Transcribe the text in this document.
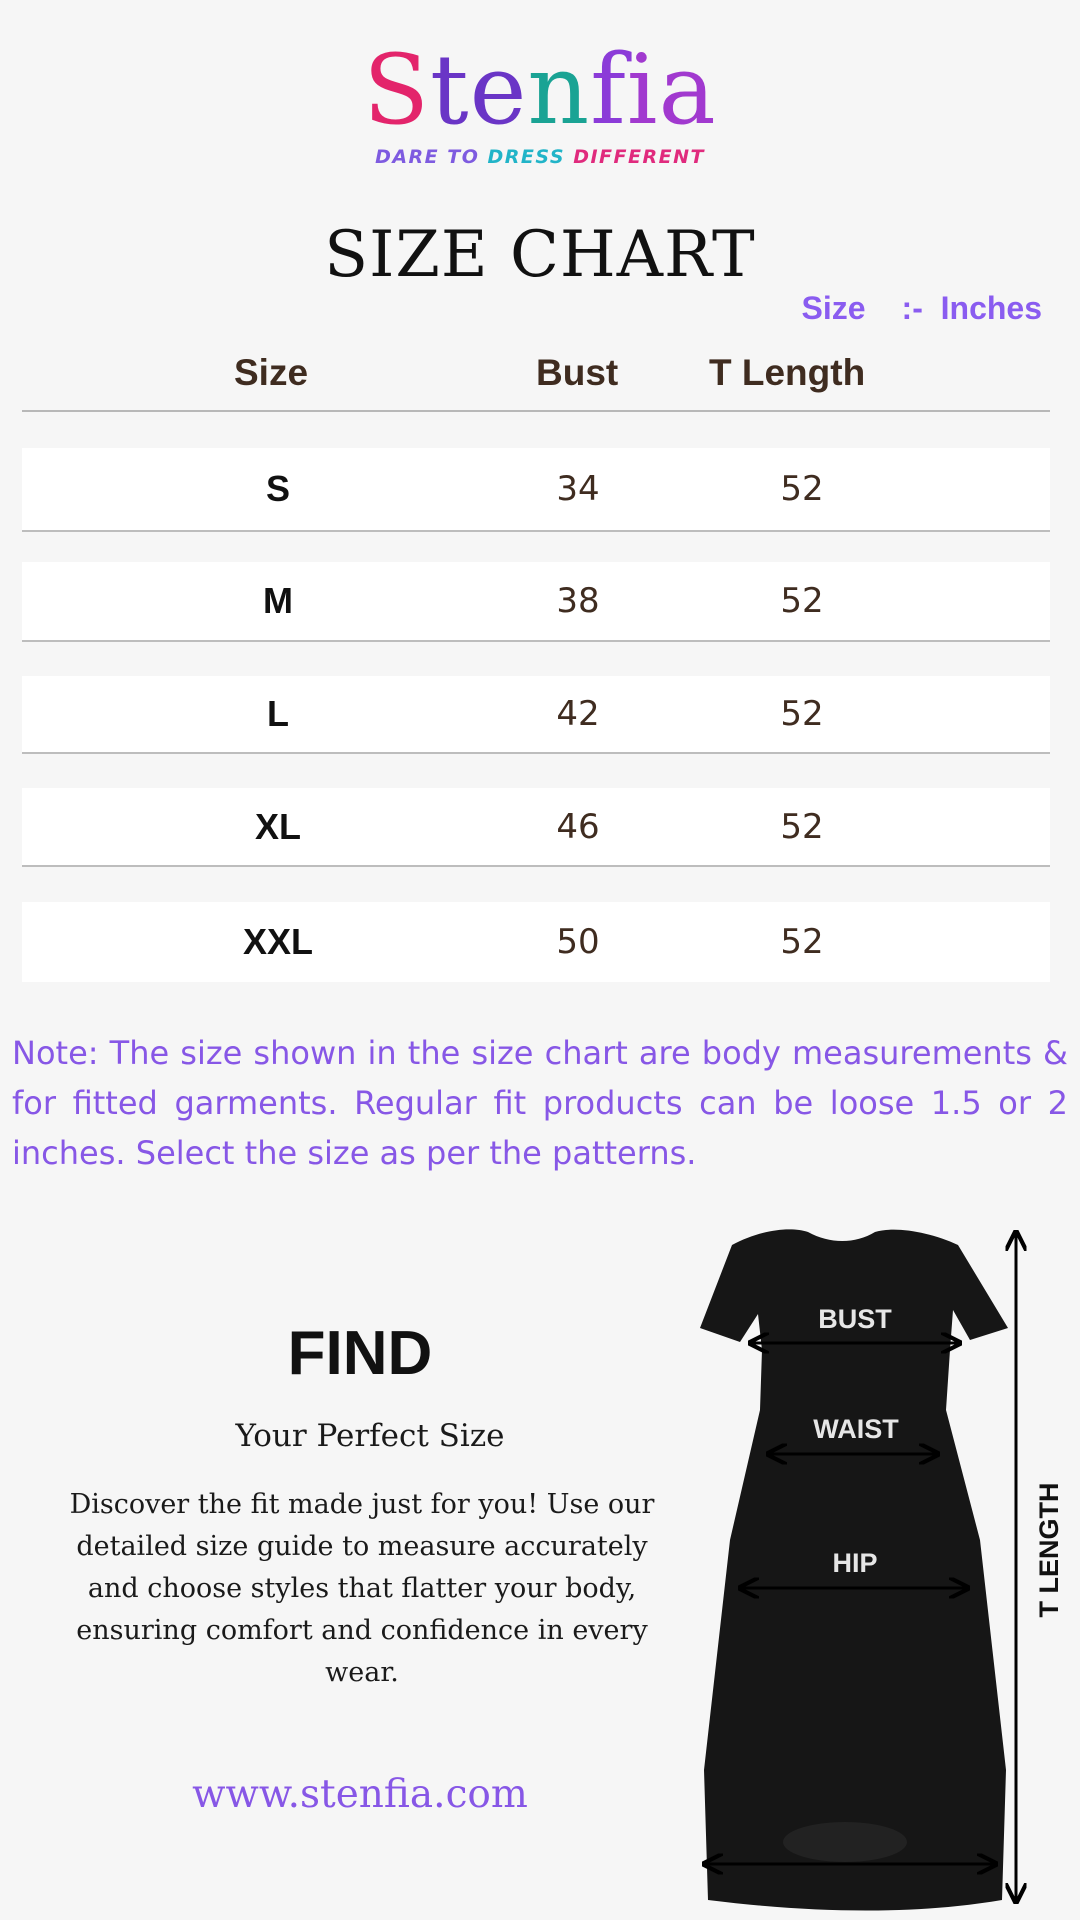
Stenfia
DARE TO DRESS DIFFERENT
SIZE CHART
Size :- Inches
Size	Bust T Length
S	34	52
M	38	52
L	42	52
XL	46	52
XXL	50	52
Note: The size shown in the size chart are body measurements & for fitted garments. Regular fit products can be loose 1.5 or 2 inches. Select the size as per the patterns.
FIND
Your Perfect Size
Discover the fit made just for you! Use our detailed size guide to measure accurately and choose styles that flatter your body, ensuring comfort and confidence in every wear.
www.stenfia.com
BUST
WAIST
HIP	T LENGTH
